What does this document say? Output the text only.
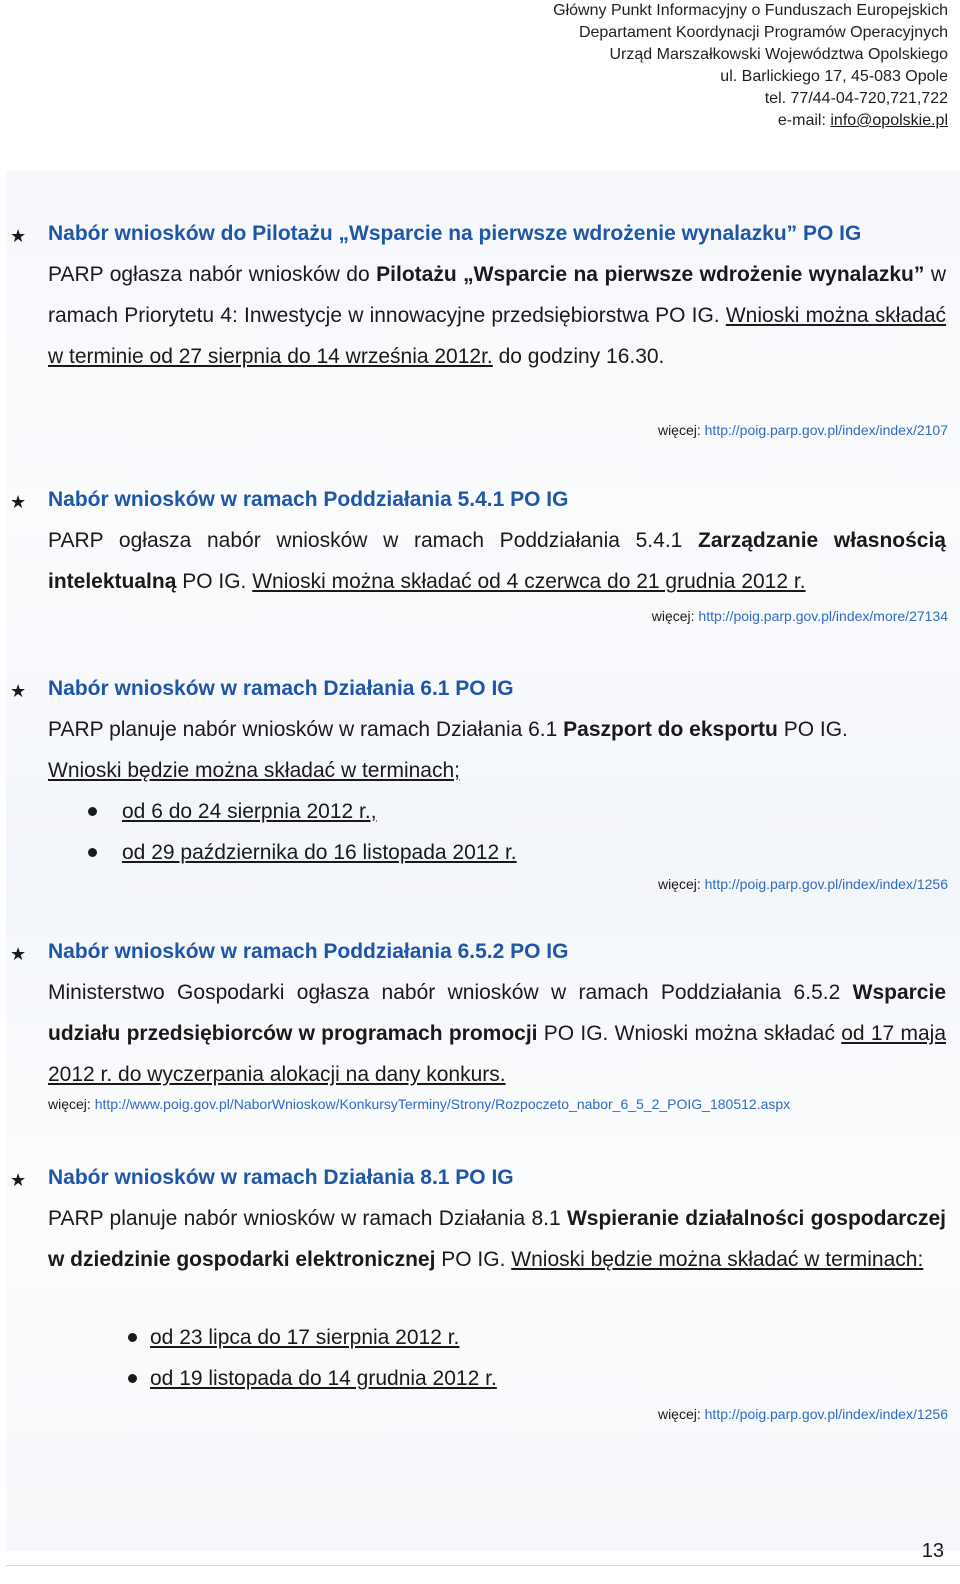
Główny Punkt Informacyjny o Funduszach Europejskich
Departament Koordynacji Programów Operacyjnych
Urząd Marszałkowski Województwa Opolskiego
ul. Barlickiego 17, 45-083 Opole
tel. 77/44-04-720,721,722
e-mail: info@opolskie.pl
★ Nabór wniosków do Pilotażu „Wsparcie na pierwsze wdrożenie wynalazku” PO IG
PARP ogłasza nabór wniosków do Pilotażu „Wsparcie na pierwsze wdrożenie wynalazku” w ramach Priorytetu 4: Inwestycje w innowacyjne przedsiębiorstwa PO IG. Wnioski można składać w terminie od 27 sierpnia do 14 września 2012r. do godziny 16.30.
więcej: http://poig.parp.gov.pl/index/index/2107
★ Nabór wniosków w ramach Poddziałania 5.4.1 PO IG
PARP ogłasza nabór wniosków w ramach Poddziałania 5.4.1 Zarządzanie własnością intelektualną PO IG. Wnioski można składać od 4 czerwca do 21 grudnia 2012 r.
więcej: http://poig.parp.gov.pl/index/more/27134
★ Nabór wniosków w ramach Działania 6.1 PO IG
PARP planuje nabór wniosków w ramach Działania 6.1 Paszport do eksportu PO IG.
Wnioski będzie można składać w terminach;
od 6 do 24 sierpnia 2012 r.,
od 29 października do 16 listopada 2012 r.
więcej: http://poig.parp.gov.pl/index/index/1256
★ Nabór wniosków w ramach Poddziałania 6.5.2 PO IG
Ministerstwo Gospodarki ogłasza nabór wniosków w ramach Poddziałania 6.5.2 Wsparcie udziału przedsiębiorców w programach promocji PO IG. Wnioski można składać od 17 maja 2012 r. do wyczerpania alokacji na dany konkurs.
więcej: http://www.poig.gov.pl/NaborWnioskow/KonkursyTerminy/Strony/Rozpoczeto_nabor_6_5_2_POIG_180512.aspx
★ Nabór wniosków w ramach Działania 8.1 PO IG
PARP planuje nabór wniosków w ramach Działania 8.1 Wspieranie działalności gospodarczej w dziedzinie gospodarki elektronicznej PO IG. Wnioski będzie można składać w terminach:
od 23 lipca do 17 sierpnia 2012 r.
od 19 listopada do 14 grudnia 2012 r.
więcej: http://poig.parp.gov.pl/index/index/1256
13
